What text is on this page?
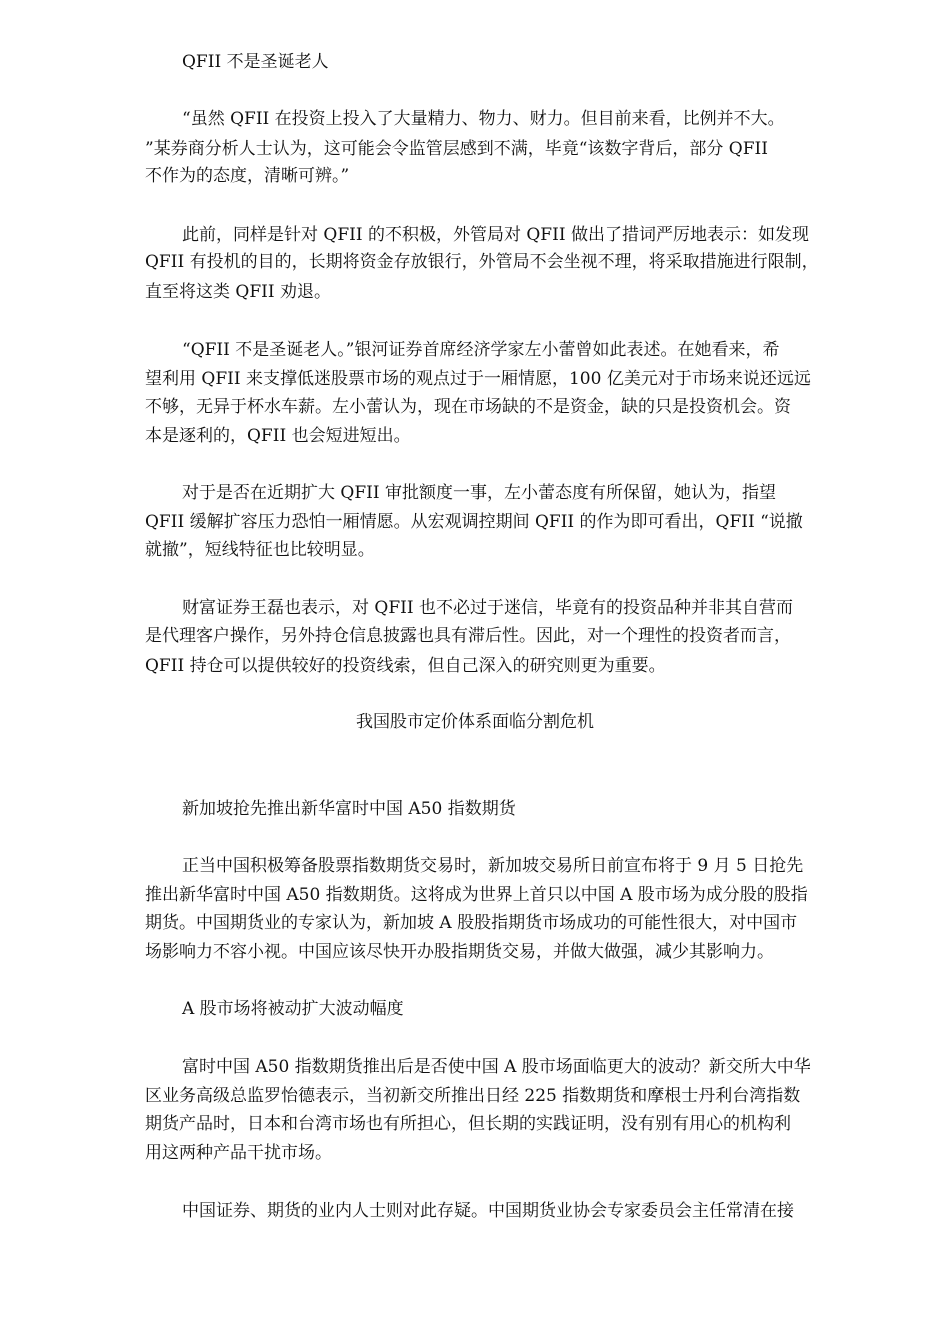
QFII 不是圣诞老人
“虽然 QFII 在投资上投入了大量精力、物力、财力。但目前来看，比例并不大。
”某券商分析人士认为，这可能会令监管层感到不满，毕竟“该数字背后，部分 QFII
不作为的态度，清晰可辨。”
此前，同样是针对 QFII 的不积极，外管局对 QFII 做出了措词严厉地表示：如发现
QFII 有投机的目的，长期将资金存放银行，外管局不会坐视不理，将采取措施进行限制，
直至将这类 QFII 劝退。
“QFII 不是圣诞老人。”银河证券首席经济学家左小蕾曾如此表述。在她看来，希
望利用 QFII 来支撑低迷股票市场的观点过于一厢情愿，100 亿美元对于市场来说还远远
不够，无异于杯水车薪。左小蕾认为，现在市场缺的不是资金，缺的只是投资机会。资
本是逐利的，QFII 也会短进短出。
对于是否在近期扩大 QFII 审批额度一事，左小蕾态度有所保留，她认为，指望
QFII 缓解扩容压力恐怕一厢情愿。从宏观调控期间 QFII 的作为即可看出，QFII “说撤
就撤”，短线特征也比较明显。
财富证券王磊也表示，对 QFII 也不必过于迷信，毕竟有的投资品种并非其自营而
是代理客户操作，另外持仓信息披露也具有滞后性。因此，对一个理性的投资者而言，
QFII 持仓可以提供较好的投资线索，但自己深入的研究则更为重要。
我国股市定价体系面临分割危机
新加坡抢先推出新华富时中国 A50 指数期货
正当中国积极筹备股票指数期货交易时，新加坡交易所日前宣布将于 9 月 5 日抢先
推出新华富时中国 A50 指数期货。这将成为世界上首只以中国 A 股市场为成分股的股指
期货。中国期货业的专家认为，新加坡 A 股股指期货市场成功的可能性很大，对中国市
场影响力不容小视。中国应该尽快开办股指期货交易，并做大做强，减少其影响力。
A 股市场将被动扩大波动幅度
富时中国 A50 指数期货推出后是否使中国 A 股市场面临更大的波动？新交所大中华
区业务高级总监罗怡德表示，当初新交所推出日经 225 指数期货和摩根士丹利台湾指数
期货产品时，日本和台湾市场也有所担心，但长期的实践证明，没有别有用心的机构利
用这两种产品干扰市场。
中国证券、期货的业内人士则对此存疑。中国期货业协会专家委员会主任常清在接
